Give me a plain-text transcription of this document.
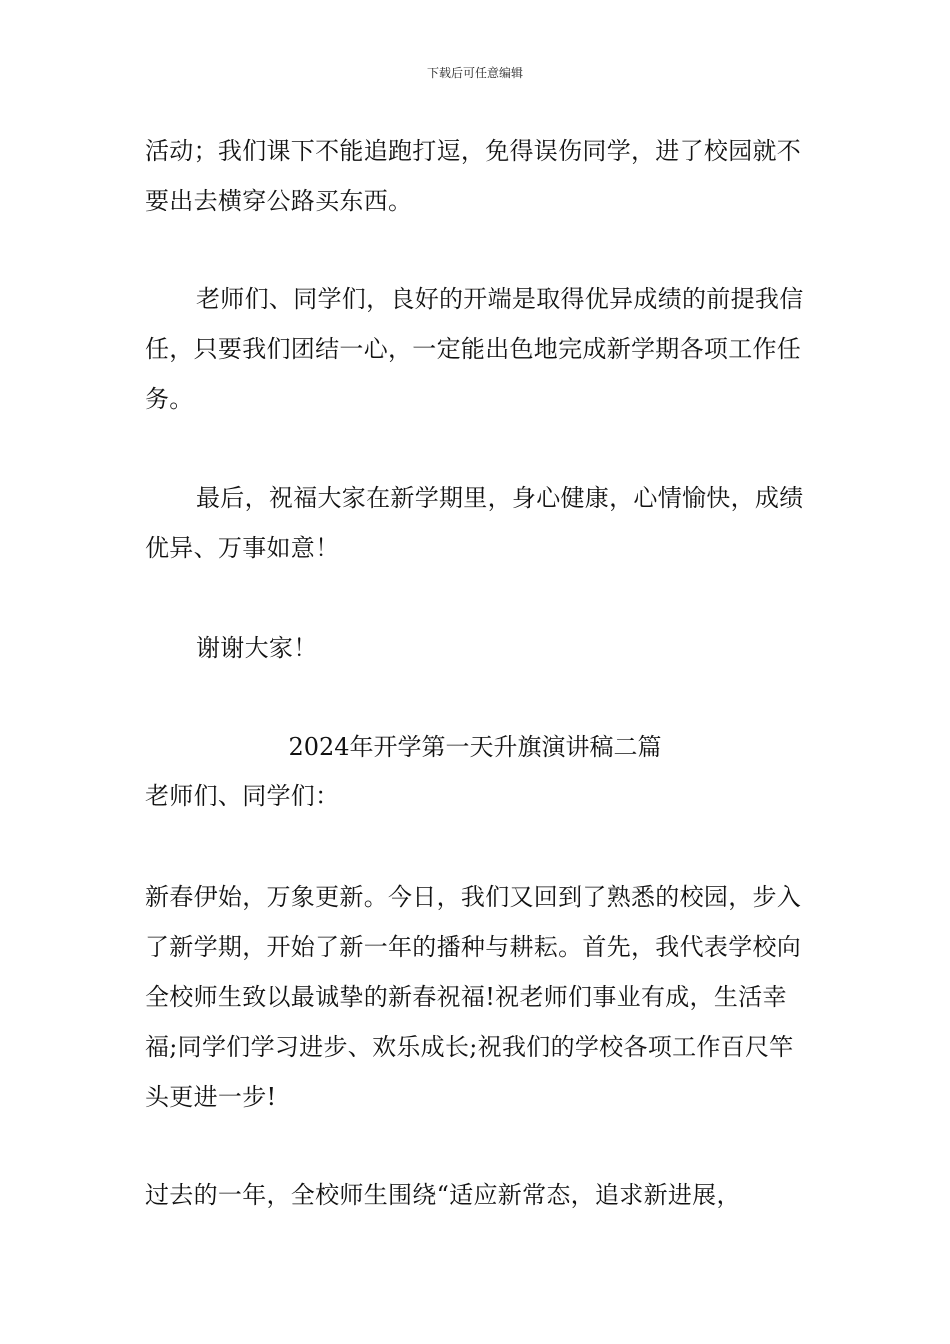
下载后可任意编辑

活动；我们课下不能追跑打逗，免得误伤同学，进了校园就不要出去横穿公路买东西。

老师们、同学们，良好的开端是取得优异成绩的前提我信任，只要我们团结一心，一定能出色地完成新学期各项工作任务。

最后，祝福大家在新学期里，身心健康，心情愉快，成绩优异、万事如意！

谢谢大家！

2024年开学第一天升旗演讲稿二篇

老师们、同学们：

新春伊始，万象更新。今日，我们又回到了熟悉的校园，步入了新学期，开始了新一年的播种与耕耘。首先，我代表学校向全校师生致以最诚挚的新春祝福!祝老师们事业有成，生活幸福;同学们学习进步、欢乐成长;祝我们的学校各项工作百尺竿头更进一步!

过去的一年，全校师生围绕“适应新常态，追求新进展，
